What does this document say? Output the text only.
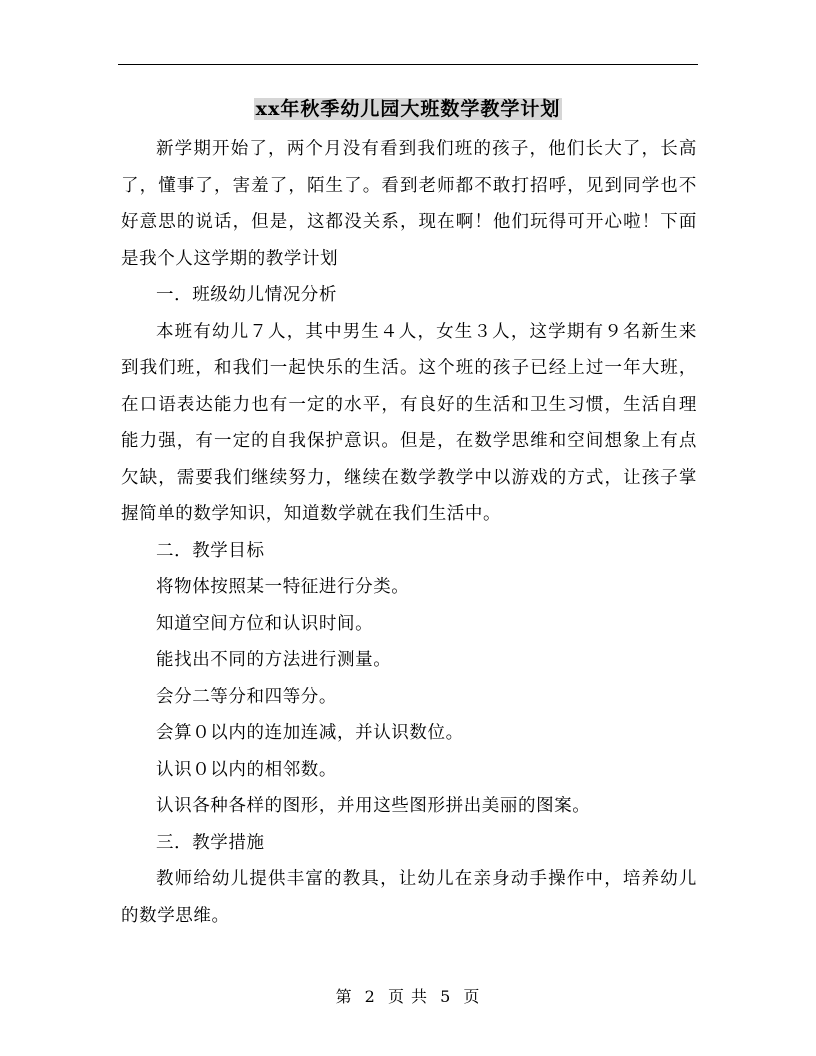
xx年秋季幼儿园大班数学教学计划

新学期开始了，两个月没有看到我们班的孩子，他们长大了，长高了，懂事了，害羞了，陌生了。看到老师都不敢打招呼，见到同学也不好意思的说话，但是，这都没关系，现在啊！他们玩得可开心啦！下面是我个人这学期的教学计划

一．班级幼儿情况分析

本班有幼儿７人，其中男生４人，女生３人，这学期有９名新生来到我们班，和我们一起快乐的生活。这个班的孩子已经上过一年大班，在口语表达能力也有一定的水平，有良好的生活和卫生习惯，生活自理能力强，有一定的自我保护意识。但是，在数学思维和空间想象上有点欠缺，需要我们继续努力，继续在数学教学中以游戏的方式，让孩子掌握简单的数学知识，知道数学就在我们生活中。

二．教学目标

将物体按照某一特征进行分类。

知道空间方位和认识时间。

能找出不同的方法进行测量。

会分二等分和四等分。

会算０以内的连加连减，并认识数位。

认识０以内的相邻数。

认识各种各样的图形，并用这些图形拼出美丽的图案。

三．教学措施

教师给幼儿提供丰富的教具，让幼儿在亲身动手操作中，培养幼儿的数学思维。

第 2 页 共 5 页
